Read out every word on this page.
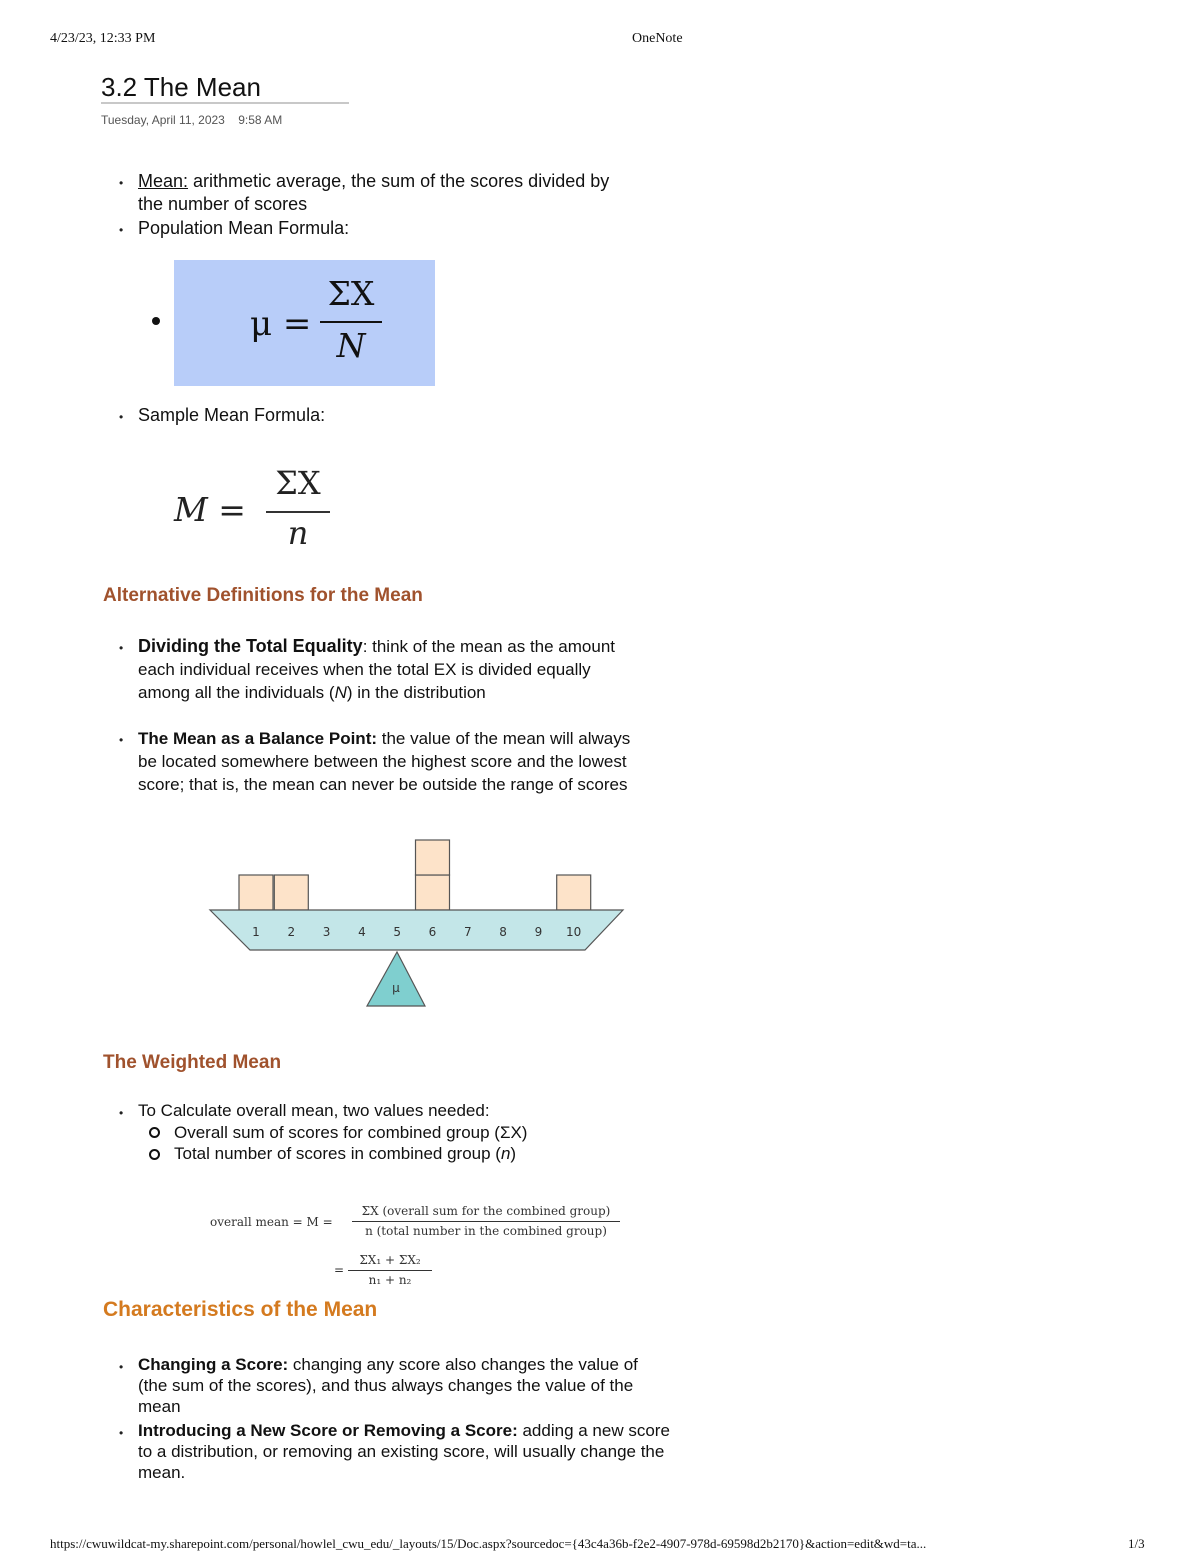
4/23/23, 12:33 PM	OneNote
3.2 The Mean
Tuesday, April 11, 2023 9:58 AM
• Mean: arithmetic average, the sum of the scores divided by
the number of scores
• Population Mean Formula:
μ =
ΣX
N
• Sample Mean Formula:
M =
ΣX
n
Alternative Definitions for the Mean
• Dividing the Total Equality: think of the mean as the amount
each individual receives when the total EX is divided equally
among all the individuals (N) in the distribution
• The Mean as a Balance Point: the value of the mean will always
be located somewhere between the highest score and the lowest
score; that is, the mean can never be outside the range of scores
1 2 3 4 5 6 7 8 9 10
μ
The Weighted Mean
• To Calculate overall mean, two values needed:
Overall sum of scores for combined group (ΣX)
Total number of scores in combined group (n)
overall mean = M =
ΣX (overall sum for the combined group)
n (total number in the combined group)
=
ΣX₁ + ΣX₂
n₁ + n₂
Characteristics of the Mean
• Changing a Score: changing any score also changes the value of
(the sum of the scores), and thus always changes the value of the
mean
• Introducing a New Score or Removing a Score: adding a new score
to a distribution, or removing an existing score, will usually change the
mean.
https://cwuwildcat-my.sharepoint.com/personal/howlel_cwu_edu/_layouts/15/Doc.aspx?sourcedoc={43c4a36b-f2e2-4907-978d-69598d2b2170}&action=edit&wd=ta...	1/3
